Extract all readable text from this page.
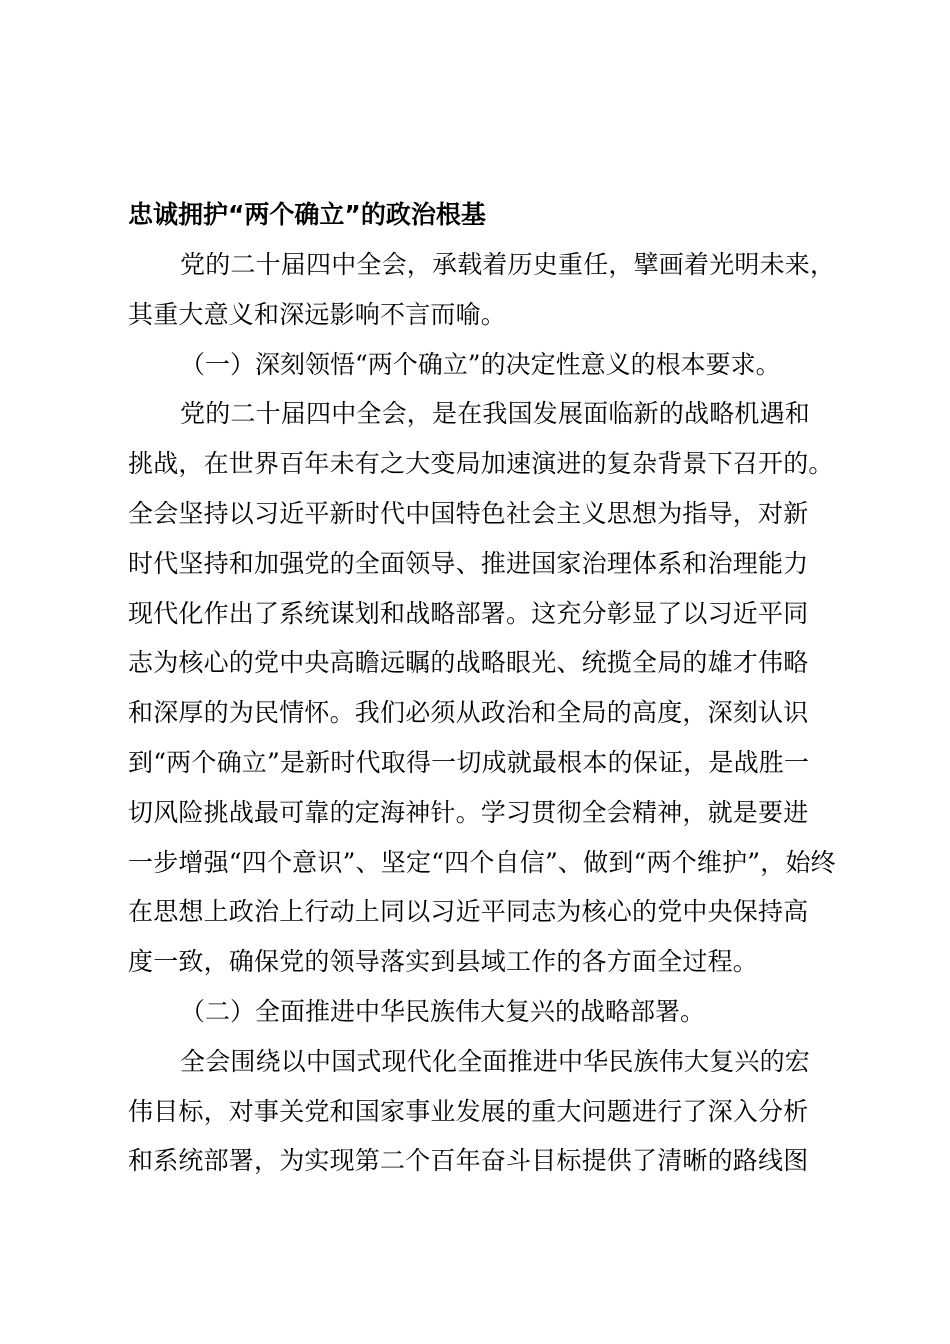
忠诚拥护“两个确立”的政治根基

党的二十届四中全会，承载着历史重任，擘画着光明未来，
其重大意义和深远影响不言而喻。

（一）深刻领悟“两个确立”的决定性意义的根本要求。

党的二十届四中全会，是在我国发展面临新的战略机遇和
挑战，在世界百年未有之大变局加速演进的复杂背景下召开的。
全会坚持以习近平新时代中国特色社会主义思想为指导，对新
时代坚持和加强党的全面领导、推进国家治理体系和治理能力
现代化作出了系统谋划和战略部署。这充分彰显了以习近平同
志为核心的党中央高瞻远瞩的战略眼光、统揽全局的雄才伟略
和深厚的为民情怀。我们必须从政治和全局的高度，深刻认识
到“两个确立”是新时代取得一切成就最根本的保证，是战胜一
切风险挑战最可靠的定海神针。学习贯彻全会精神，就是要进
一步增强“四个意识”、坚定“四个自信”、做到“两个维护”，始终
在思想上政治上行动上同以习近平同志为核心的党中央保持高
度一致，确保党的领导落实到县域工作的各方面全过程。

（二）全面推进中华民族伟大复兴的战略部署。

全会围绕以中国式现代化全面推进中华民族伟大复兴的宏
伟目标，对事关党和国家事业发展的重大问题进行了深入分析
和系统部署，为实现第二个百年奋斗目标提供了清晰的路线图
